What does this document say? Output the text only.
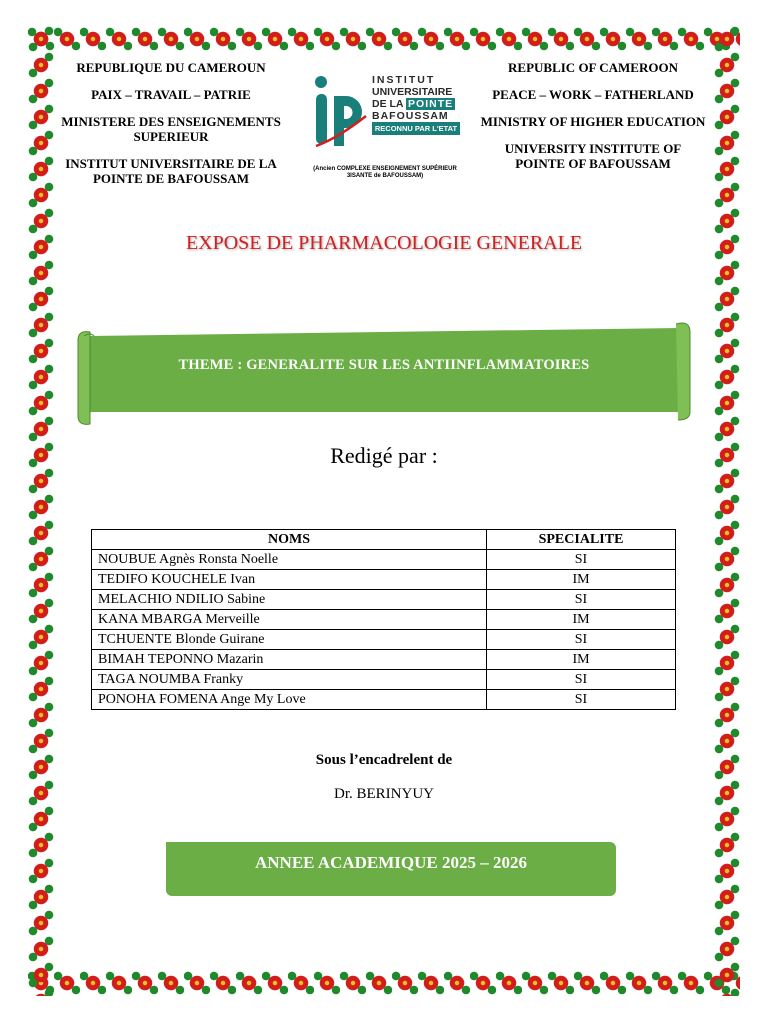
REPUBLIQUE DU CAMEROUN

PAIX – TRAVAIL – PATRIE

MINISTERE DES ENSEIGNEMENTS SUPERIEUR

INSTITUT UNIVERSITAIRE DE LA POINTE DE BAFOUSSAM

INSTITUT
UNIVERSITAIRE
DE LA POINTE
BAFOUSSAM
RECONNU PAR L'ETAT
(Ancien COMPLEXE ENSEIGNEMENT SUPÉRIEUR 3ISANTE de BAFOUSSAM)

REPUBLIC OF CAMEROON

PEACE – WORK – FATHERLAND

MINISTRY OF HIGHER EDUCATION

UNIVERSITY INSTITUTE OF POINTE OF BAFOUSSAM

EXPOSE DE PHARMACOLOGIE GENERALE
THEME : GENERALITE SUR LES ANTIINFLAMMATOIRES
Redigé par :
NOMS	SPECIALITE
NOUBUE Agnès Ronsta Noelle	SI
TEDIFO KOUCHELE Ivan	IM
MELACHIO NDILIO Sabine	SI
KANA MBARGA Merveille	IM
TCHUENTE Blonde Guirane	SI
BIMAH TEPONNO Mazarin	IM
TAGA NOUMBA Franky	SI
PONOHA FOMENA Ange My Love	SI
Sous l’encadrelent de
Dr. BERINYUY
ANNEE ACADEMIQUE 2025 – 2026
